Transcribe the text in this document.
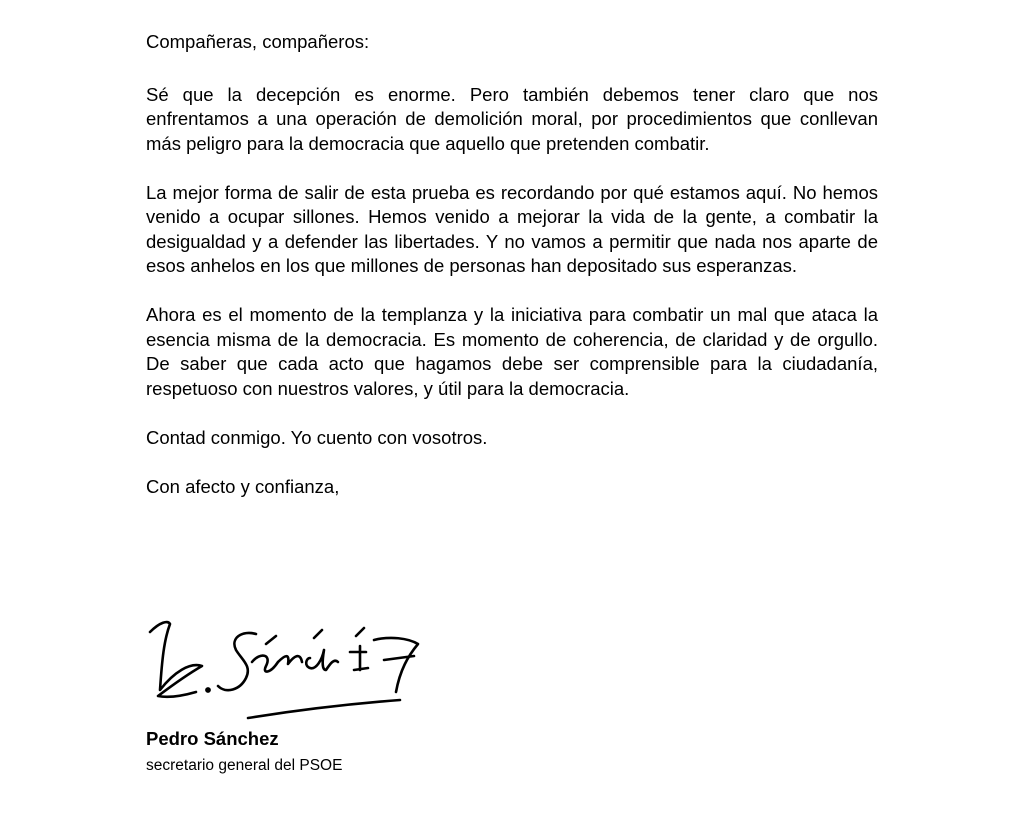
Compañeras, compañeros:

Sé que la decepción es enorme. Pero también debemos tener claro que nos enfrentamos a una operación de demolición moral, por procedimientos que conllevan más peligro para la democracia que aquello que pretenden combatir.

La mejor forma de salir de esta prueba es recordando por qué estamos aquí. No hemos venido a ocupar sillones. Hemos venido a mejorar la vida de la gente, a combatir la desigualdad y a defender las libertades. Y no vamos a permitir que nada nos aparte de esos anhelos en los que millones de personas han depositado sus esperanzas.

Ahora es el momento de la templanza y la iniciativa para combatir un mal que ataca la esencia misma de la democracia. Es momento de coherencia, de claridad y de orgullo. De saber que cada acto que hagamos debe ser comprensible para la ciudadanía, respetuoso con nuestros valores, y útil para la democracia.

Contad conmigo. Yo cuento con vosotros.

Con afecto y confianza,

Pedro Sánchez
secretario general del PSOE
